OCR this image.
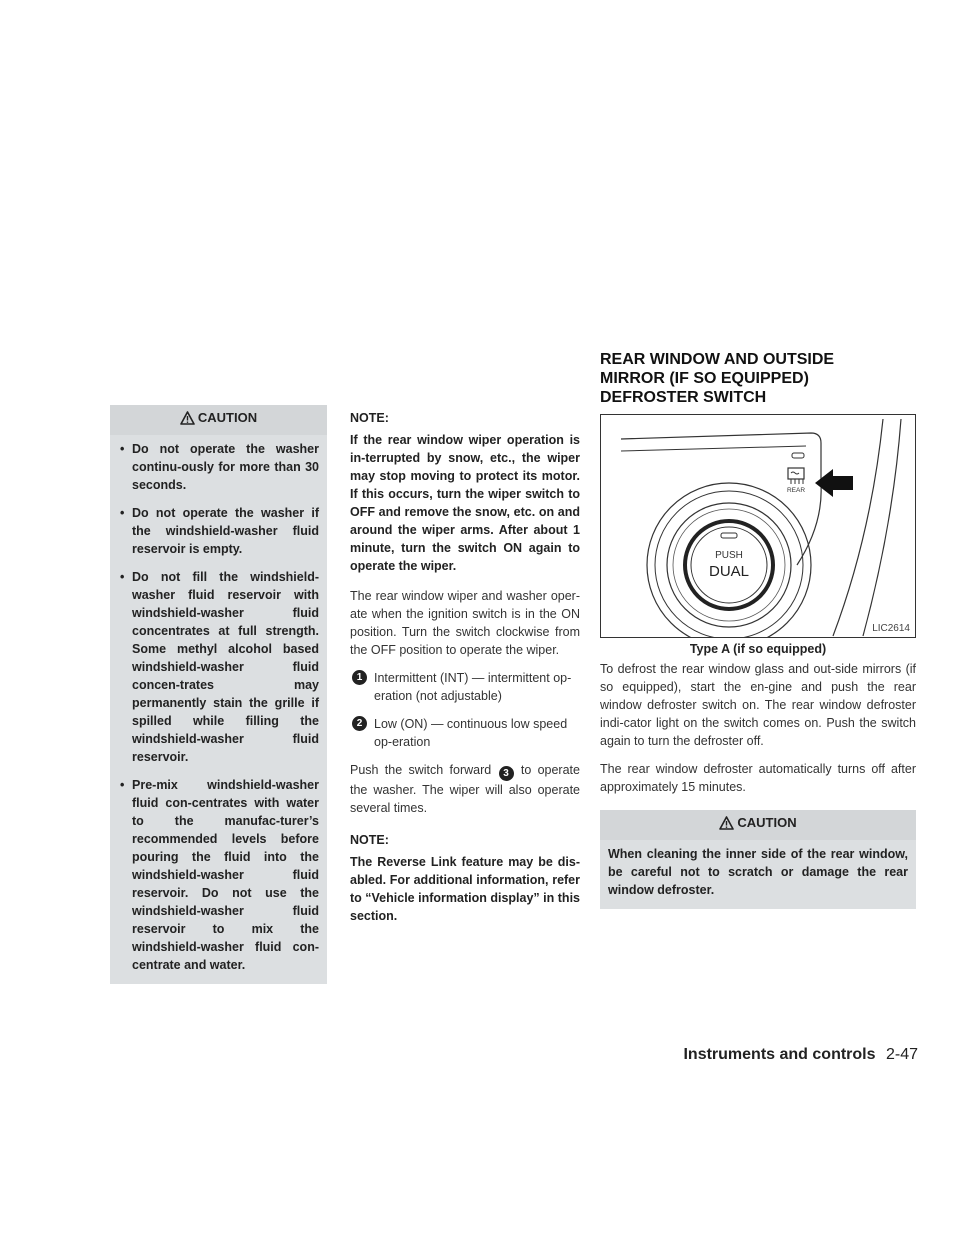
CAUTION
• Do not operate the washer continu-ously for more than 30 seconds.
• Do not operate the washer if the windshield-washer fluid reservoir is empty.
• Do not fill the windshield-washer fluid reservoir with windshield-washer fluid concentrates at full strength. Some methyl alcohol based windshield-washer fluid concen-trates may permanently stain the grille if spilled while filling the windshield-washer fluid reservoir.
• Pre-mix windshield-washer fluid con-centrates with water to the manufac-turer’s recommended levels before pouring the fluid into the windshield-washer fluid reservoir. Do not use the windshield-washer fluid reservoir to mix the windshield-washer fluid con-centrate and water.
NOTE:

If the rear window wiper operation is in-terrupted by snow, etc., the wiper may stop moving to protect its motor. If this occurs, turn the wiper switch to OFF and remove the snow, etc. on and around the wiper arms. After about 1 minute, turn the switch ON again to operate the wiper.

The rear window wiper and washer oper-ate when the ignition switch is in the ON position. Turn the switch clockwise from the OFF position to operate the wiper.

1 Intermittent (INT) — intermittent op-eration (not adjustable)
2 Low (ON) — continuous low speed op-eration

Push the switch forward 3 to operate the washer. The wiper will also operate several times.

NOTE:

The Reverse Link feature may be dis-abled. For additional information, refer to “Vehicle information display” in this section.

REAR WINDOW AND OUTSIDE
MIRROR (IF SO EQUIPPED)
DEFROSTER SWITCH
PUSH
DUAL
REAR
LIC2614
Type A (if so equipped)

To defrost the rear window glass and out-side mirrors (if so equipped), start the en-gine and push the rear window defroster switch on. The rear window defroster indi-cator light on the switch comes on. Push the switch again to turn the defroster off.

The rear window defroster automatically turns off after approximately 15 minutes.

CAUTION

When cleaning the inner side of the rear window, be careful not to scratch or damage the rear window defroster.

Instruments and controls 2-47
